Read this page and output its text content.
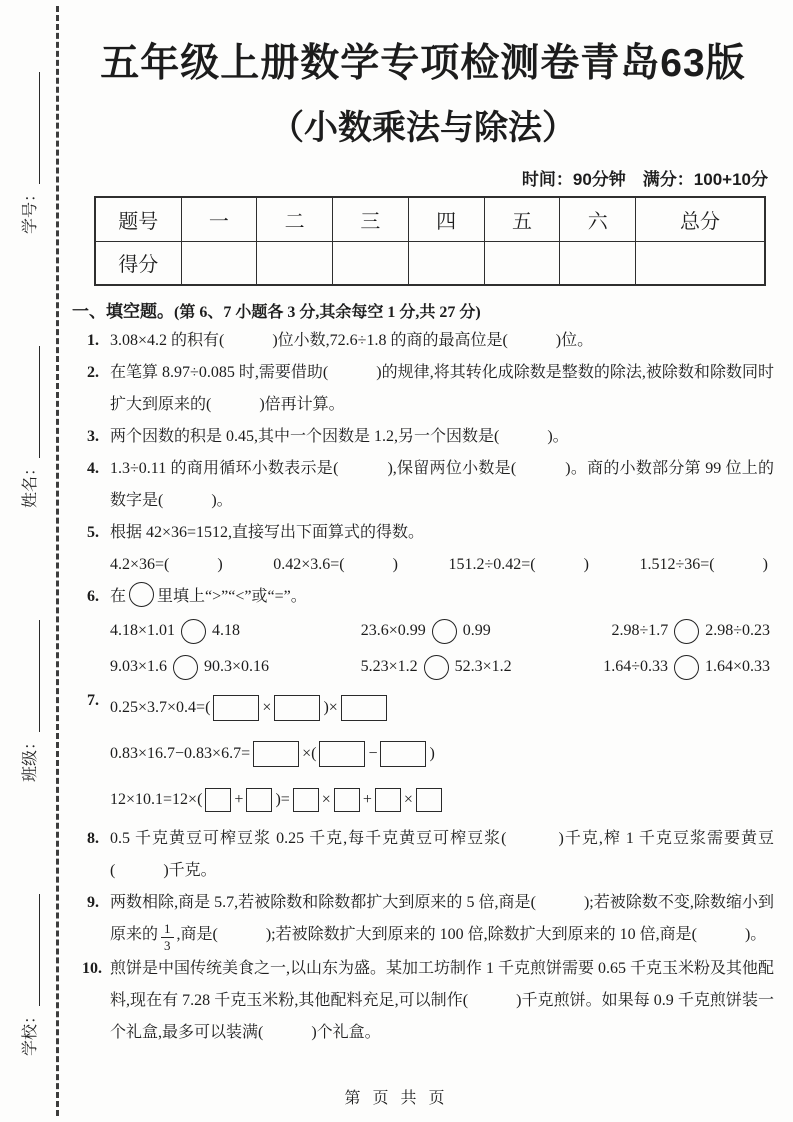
学号：
姓名：
班级：
学校：
五年级上册数学专项检测卷青岛63版
（小数乘法与除法）
时间：90分钟　满分：100+10分
题号	一	二	三	四	五	六	总分
得分							
一、填空题。(第 6、7 小题各 3 分,其余每空 1 分,共 27 分)
1. 3.08×4.2 的积有(　　　)位小数,72.6÷1.8 的商的最高位是(　　　)位。
2. 在笔算 8.97÷0.085 时,需要借助(　　　)的规律,将其转化成除数是整数的除法,被除数和除数同时扩大到原来的(　　　)倍再计算。
3. 两个因数的积是 0.45,其中一个因数是 1.2,另一个因数是(　　　)。
4. 1.3÷0.11 的商用循环小数表示是(　　　),保留两位小数是(　　　)。商的小数部分第 99 位上的数字是(　　　)。
5. 根据 42×36=1512,直接写出下面算式的得数。
4.2×36=(　　　)	0.42×3.6=(　　　)	151.2÷0.42=(　　　)	1.512÷36=(　　　)
6. 在 里填上“>”“<”或“=”。
4.18×1.01 4.18	23.6×0.99 0.99	2.98÷1.7 2.98÷0.23
9.03×1.6 90.3×0.16	5.23×1.2 52.3×1.2	1.64÷0.33 1.64×0.33
7. 0.25×3.7×0.4=(	×	)×
0.83×16.7−0.83×6.7=	×(	−	)
12×10.1=12×( + )= × + ×
8. 0.5 千克黄豆可榨豆浆 0.25 千克,每千克黄豆可榨豆浆(　　　)千克,榨 1 千克豆浆需要黄豆(　　　)千克。
9. 两数相除,商是 5.7,若被除数和除数都扩大到原来的 5 倍,商是(　　　);若被除数不变,除数缩小到原来的 $\frac{1}{3}$ ,商是(　　　);若被除数扩大到原来的 100 倍,除数扩大到原来的 10 倍,商是(　　　)。
10. 煎饼是中国传统美食之一,以山东为盛。某加工坊制作 1 千克煎饼需要 0.65 千克玉米粉及其他配料,现在有 7.28 千克玉米粉,其他配料充足,可以制作(　　　)千克煎饼。如果每 0.9 千克煎饼装一个礼盒,最多可以装满(　　　)个礼盒。
第 页 共 页
